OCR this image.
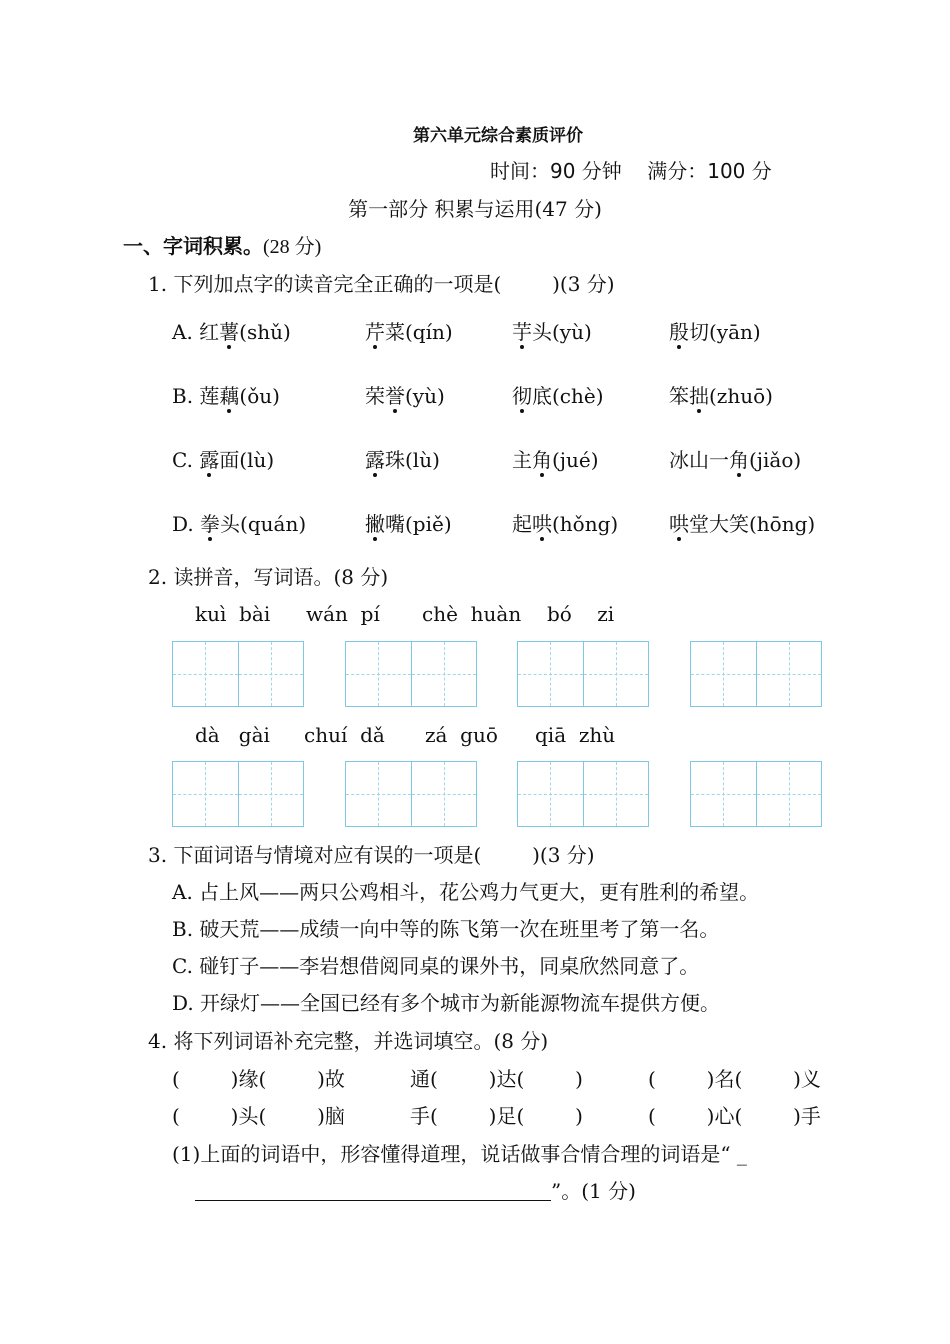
第六单元综合素质评价
时间：90 分钟    满分：100 分
第一部分 积累与运用(47 分)
一、字词积累。(28 分)
1. 下列加点字的读音完全正确的一项是(        )(3 分)
A. 红薯(shǔ)	芹菜(qín)	芋头(yù)	殷切(yān)
B. 莲藕(ǒu)	荣誉(yù)	彻底(chè)	笨拙(zhuō)
C. 露面(lù)	露珠(lù)	主角(jué)	冰山一角(jiǎo)
D. 拳头(quán)	撇嘴(piě)	起哄(hǒng)	哄堂大笑(hōng)
2. 读拼音，写词语。(8 分)
kuì  bài wán  pí chè  huàn bó    zi
dà   gài chuí  dǎ zá  guō qiā  zhù
3. 下面词语与情境对应有误的一项是(        )(3 分)
A. 占上风——两只公鸡相斗，花公鸡力气更大，更有胜利的希望。
B. 破天荒——成绩一向中等的陈飞第一次在班里考了第一名。
C. 碰钉子——李岩想借阅同桌的课外书，同桌欣然同意了。
D. 开绿灯——全国已经有多个城市为新能源物流车提供方便。
4. 将下列词语补充完整，并选词填空。(8 分)
(        )缘(        )故	通(        )达(        )	(        )名(        )义
(        )头(        )脑	手(        )足(        )	(        )心(        )手
(1)上面的词语中，形容懂得道理，说话做事合情合理的词语是“ _
”。(1 分)
